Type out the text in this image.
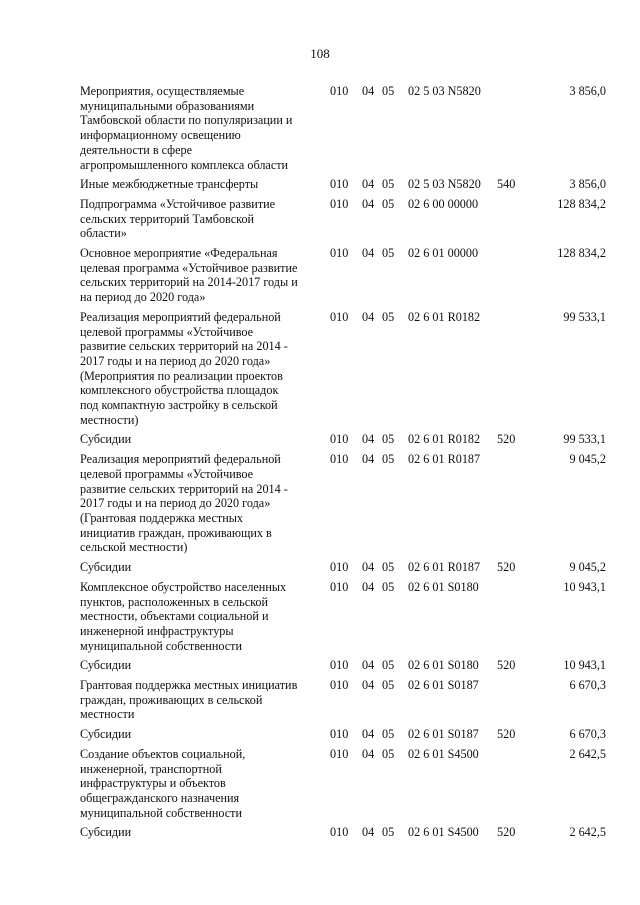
108
Мероприятия, осуществляемые
муниципальными образованиями
Тамбовской области по популяризации и
информационному освещению
деятельности в сфере
агропромышленного комплекса области
010 04 05 02 5 03 N5820	3 856,0
Иные межбюджетные трансферты	010 04 05 02 5 03 N5820 540	3 856,0
Подпрограмма «Устойчивое развитие
сельских территорий Тамбовской
области»
010 04 05 02 6 00 00000	128 834,2
Основное мероприятие «Федеральная
целевая программа «Устойчивое развитие
сельских территорий на 2014-2017 годы и
на период до 2020 года»
010 04 05 02 6 01 00000	128 834,2
Реализация мероприятий федеральной
целевой программы «Устойчивое
развитие сельских территорий на 2014 -
2017 годы и на период до 2020 года»
(Мероприятия по реализации проектов
комплексного обустройства площадок
под компактную застройку в сельской
местности)
010 04 05 02 6 01 R0182	99 533,1
Субсидии	010 04 05 02 6 01 R0182 520	99 533,1
Реализация мероприятий федеральной
целевой программы «Устойчивое
развитие сельских территорий на 2014 -
2017 годы и на период до 2020 года»
(Грантовая поддержка местных
инициатив граждан, проживающих в
сельской местности)
010 04 05 02 6 01 R0187	9 045,2
Субсидии	010 04 05 02 6 01 R0187 520	9 045,2
Комплексное обустройство населенных
пунктов, расположенных в сельской
местности, объектами социальной и
инженерной инфраструктуры
муниципальной собственности
010 04 05 02 6 01 S0180	10 943,1
Субсидии	010 04 05 02 6 01 S0180 520	10 943,1
Грантовая поддержка местных инициатив
граждан, проживающих в сельской
местности
010 04 05 02 6 01 S0187	6 670,3
Субсидии	010 04 05 02 6 01 S0187 520	6 670,3
Создание объектов социальной,
инженерной, транспортной
инфраструктуры и объектов
общегражданского назначения
муниципальной собственности
010 04 05 02 6 01 S4500	2 642,5
Субсидии	010 04 05 02 6 01 S4500 520	2 642,5
